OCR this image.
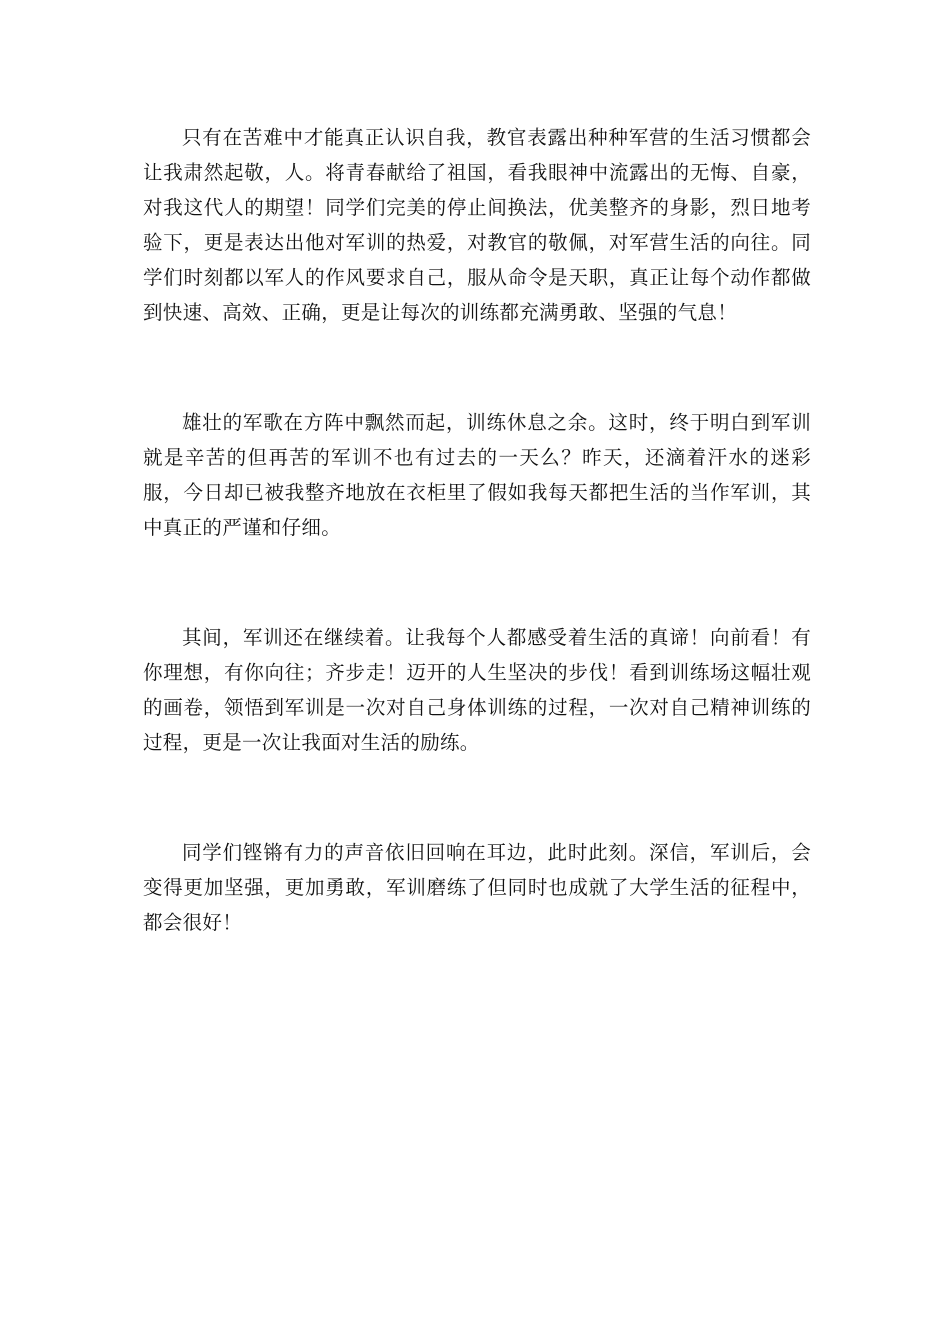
只有在苦难中才能真正认识自我，教官表露出种种军营的生活习惯都会让我肃然起敬，人。将青春献给了祖国，看我眼神中流露出的无悔、自豪，对我这代人的期望！同学们完美的停止间换法，优美整齐的身影，烈日地考验下，更是表达出他对军训的热爱，对教官的敬佩，对军营生活的向往。同学们时刻都以军人的作风要求自己，服从命令是天职，真正让每个动作都做到快速、高效、正确，更是让每次的训练都充满勇敢、坚强的气息！

雄壮的军歌在方阵中飘然而起，训练休息之余。这时，终于明白到军训就是辛苦的但再苦的军训不也有过去的一天么？昨天，还滴着汗水的迷彩服，今日却已被我整齐地放在衣柜里了假如我每天都把生活的当作军训，其中真正的严谨和仔细。

其间，军训还在继续着。让我每个人都感受着生活的真谛！向前看！有你理想，有你向往；齐步走！迈开的人生坚决的步伐！看到训练场这幅壮观的画卷，领悟到军训是一次对自己身体训练的过程，一次对自己精神训练的过程，更是一次让我面对生活的励练。

同学们铿锵有力的声音依旧回响在耳边，此时此刻。深信，军训后，会变得更加坚强，更加勇敢，军训磨练了但同时也成就了大学生活的征程中，都会很好！
